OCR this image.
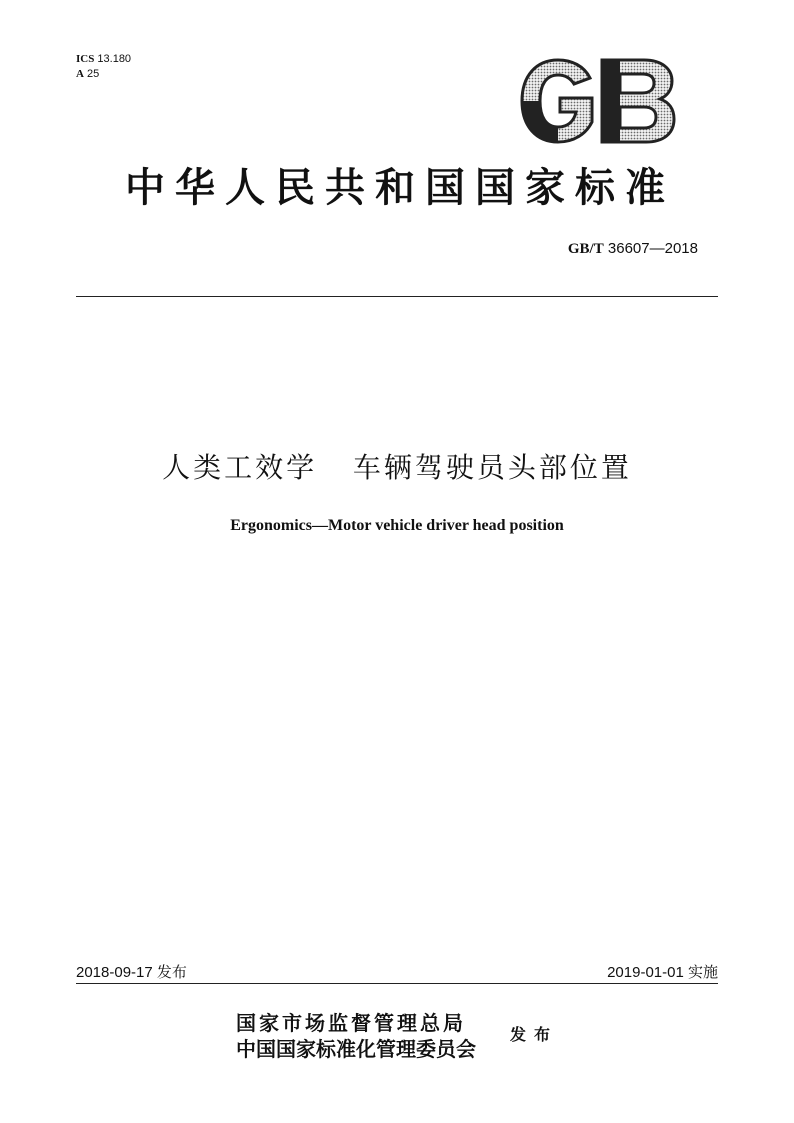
ICS 13.180
A 25
GB
中华人民共和国国家标准
GB/T 36607—2018
人类工效学   车辆驾驶员头部位置
Ergonomics—Motor vehicle driver head position
2018-09-17 发布	2019-01-01 实施
国家市场监督管理总局
中国国家标准化管理委员会
发布
